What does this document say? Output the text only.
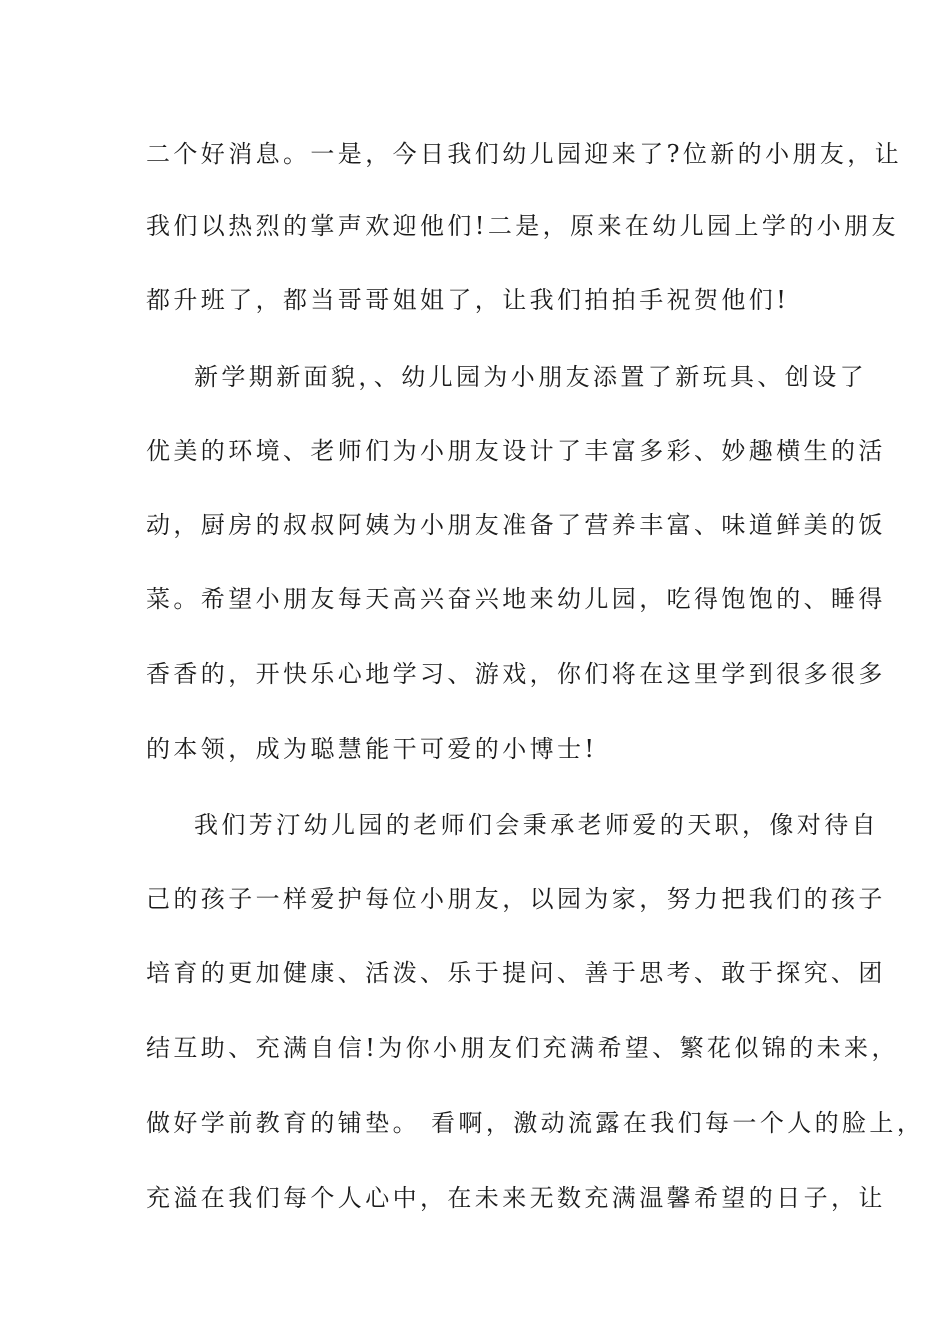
二个好消息。一是，今日我们幼儿园迎来了?位新的小朋友，让
我们以热烈的掌声欢迎他们!二是，原来在幼儿园上学的小朋友
都升班了，都当哥哥姐姐了，让我们拍拍手祝贺他们!
新学期新面貌，、幼儿园为小朋友添置了新玩具、创设了
优美的环境、老师们为小朋友设计了丰富多彩、妙趣横生的活
动，厨房的叔叔阿姨为小朋友准备了营养丰富、味道鲜美的饭
菜。希望小朋友每天高兴奋兴地来幼儿园，吃得饱饱的、睡得
香香的，开快乐心地学习、游戏，你们将在这里学到很多很多
的本领，成为聪慧能干可爱的小博士!
我们芳汀幼儿园的老师们会秉承老师爱的天职，像对待自
己的孩子一样爱护每位小朋友，以园为家，努力把我们的孩子
培育的更加健康、活泼、乐于提问、善于思考、敢于探究、团
结互助、充满自信!为你小朋友们充满希望、繁花似锦的未来，
做好学前教育的铺垫。 看啊，激动流露在我们每一个人的脸上，
充溢在我们每个人心中，在未来无数充满温馨希望的日子，让
